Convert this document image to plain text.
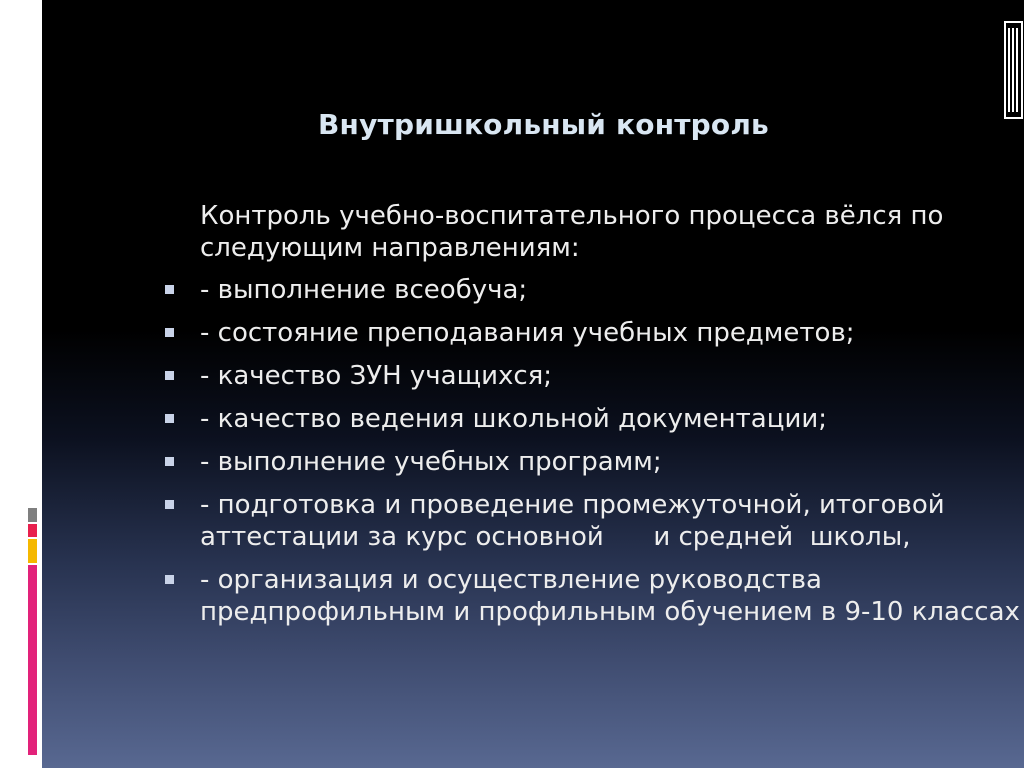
Внутришкольный контроль
Контроль учебно-воспитательного процесса вёлся по следующим направлениям:
- выполнение всеобуча;
- состояние преподавания учебных предметов;
- качество ЗУН учащихся;
- качество ведения школьной документации;
- выполнение учебных программ;
- подготовка и проведение промежуточной, итоговой аттестации за курс основной      и средней  школы,
- организация и осуществление руководства предпрофильным и профильным обучением в 9-10 классах
